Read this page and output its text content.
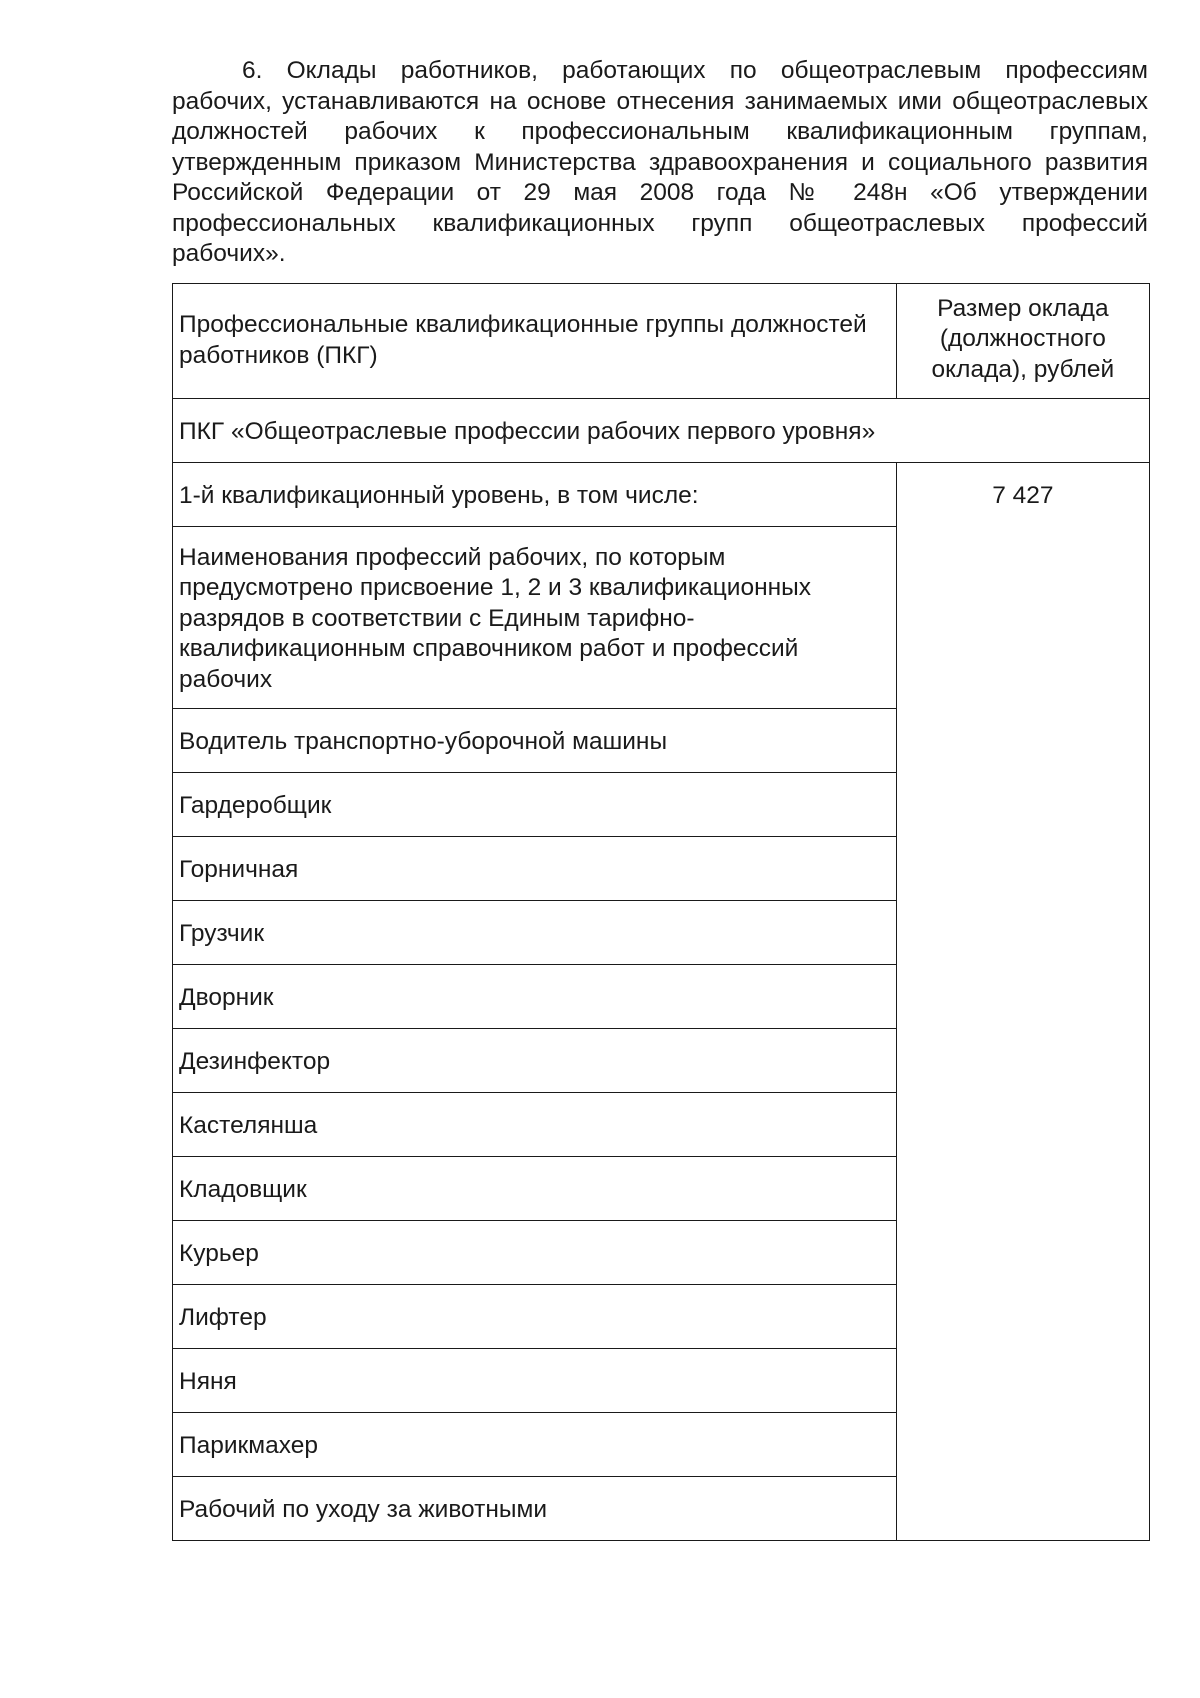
6. Оклады работников, работающих по общеотраслевым профессиям рабочих, устанавливаются на основе отнесения занимаемых ими общеотраслевых должностей рабочих к профессиональным квалификационным группам, утвержденным приказом Министерства здравоохранения и социального развития Российской Федерации от 29 мая 2008 года № 248н «Об утверждении профессиональных квалификационных групп общеотраслевых профессий рабочих».

Профессиональные квалификационные группы должностей работников (ПКГ)	Размер оклада (должностного оклада), рублей
ПКГ «Общеотраслевые профессии рабочих первого уровня»	
1-й квалификационный уровень, в том числе:	7 427
Наименования профессий рабочих, по которым предусмотрено присвоение 1, 2 и 3 квалификационных разрядов в соответствии с Единым тарифно-квалификационным справочником работ и профессий рабочих	
Водитель транспортно-уборочной машины	
Гардеробщик	
Горничная	
Грузчик	
Дворник	
Дезинфектор	
Кастелянша	
Кладовщик	
Курьер	
Лифтер	
Няня	
Парикмахер	
Рабочий по уходу за животными	
